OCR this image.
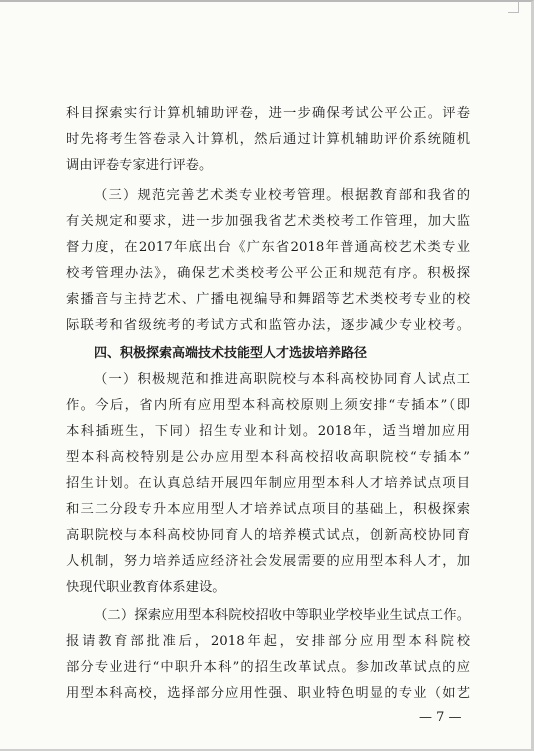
科目探索实行计算机辅助评卷，进一步确保考试公平公正。评卷
时先将考生答卷录入计算机，然后通过计算机辅助评价系统随机
调由评卷专家进行评卷。
（三）规范完善艺术类专业校考管理。根据教育部和我省的
有关规定和要求，进一步加强我省艺术类校考工作管理，加大监
督力度，在2017年底出台《广东省2018年普通高校艺术类专业
校考管理办法》，确保艺术类校考公平公正和规范有序。积极探
索播音与主持艺术、广播电视编导和舞蹈等艺术类校考专业的校
际联考和省级统考的考试方式和监管办法，逐步减少专业校考。
四、积极探索高端技术技能型人才选拔培养路径
（一）积极规范和推进高职院校与本科高校协同育人试点工
作。今后，省内所有应用型本科高校原则上须安排“专插本”（即
本科插班生，下同）招生专业和计划。2018年，适当增加应用
型本科高校特别是公办应用型本科高校招收高职院校“专插本”
招生计划。在认真总结开展四年制应用型本科人才培养试点项目
和三二分段专升本应用型人才培养试点项目的基础上，积极探索
高职院校与本科高校协同育人的培养模式试点，创新高校协同育
人机制，努力培养适应经济社会发展需要的应用型本科人才，加
快现代职业教育体系建设。
（二）探索应用型本科院校招收中等职业学校毕业生试点工作。
报请教育部批准后，2018年起，安排部分应用型本科院校
部分专业进行“中职升本科”的招生改革试点。参加改革试点的应
用型本科高校，选择部分应用性强、职业特色明显的专业（如艺
— 7 —
